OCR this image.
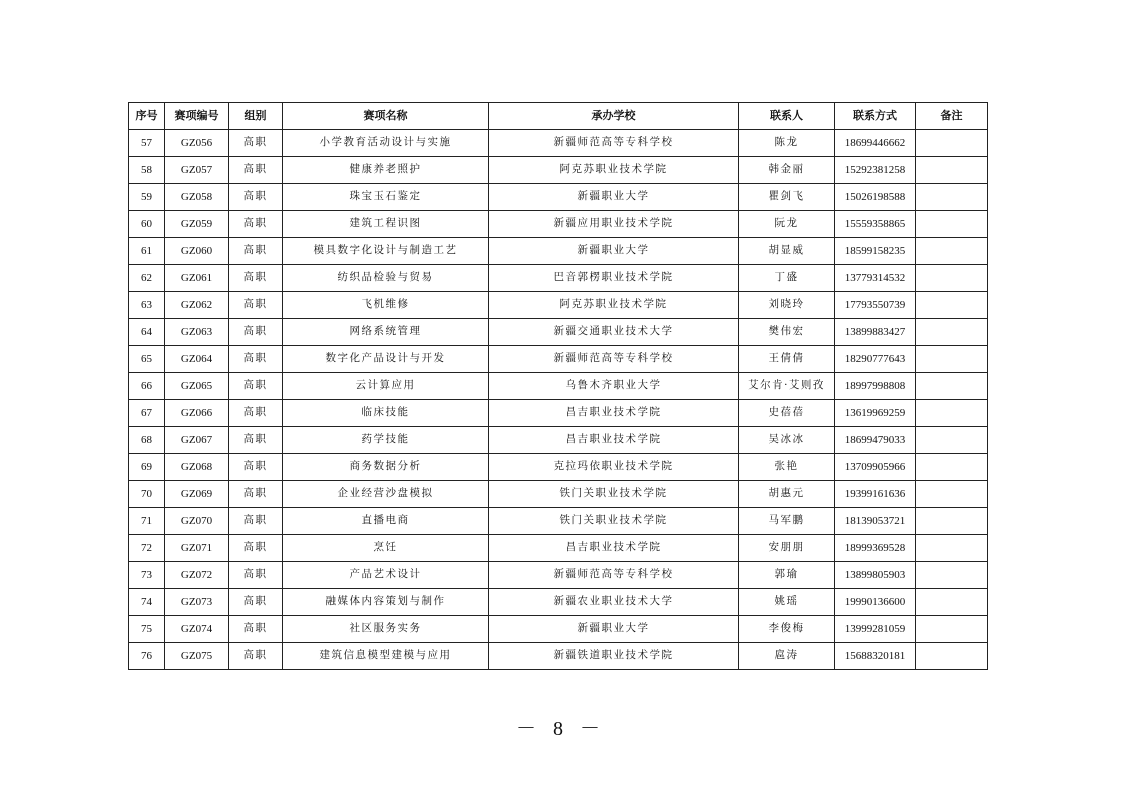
序号	赛项编号	组别	赛项名称	承办学校	联系人	联系方式	备注
57	GZ056	高职	小学教育活动设计与实施	新疆师范高等专科学校	陈龙	18699446662	
58	GZ057	高职	健康养老照护	阿克苏职业技术学院	韩金丽	15292381258	
59	GZ058	高职	珠宝玉石鉴定	新疆职业大学	瞿剑飞	15026198588	
60	GZ059	高职	建筑工程识图	新疆应用职业技术学院	阮龙	15559358865	
61	GZ060	高职	模具数字化设计与制造工艺	新疆职业大学	胡显威	18599158235	
62	GZ061	高职	纺织品检验与贸易	巴音郭楞职业技术学院	丁盛	13779314532	
63	GZ062	高职	飞机维修	阿克苏职业技术学院	刘晓玲	17793550739	
64	GZ063	高职	网络系统管理	新疆交通职业技术大学	樊伟宏	13899883427	
65	GZ064	高职	数字化产品设计与开发	新疆师范高等专科学校	王倩倩	18290777643	
66	GZ065	高职	云计算应用	乌鲁木齐职业大学	艾尔肯·艾则孜	18997998808	
67	GZ066	高职	临床技能	昌吉职业技术学院	史蓓蓓	13619969259	
68	GZ067	高职	药学技能	昌吉职业技术学院	吴冰冰	18699479033	
69	GZ068	高职	商务数据分析	克拉玛依职业技术学院	张艳	13709905966	
70	GZ069	高职	企业经营沙盘模拟	铁门关职业技术学院	胡惠元	19399161636	
71	GZ070	高职	直播电商	铁门关职业技术学院	马军鹏	18139053721	
72	GZ071	高职	烹饪	昌吉职业技术学院	安朋朋	18999369528	
73	GZ072	高职	产品艺术设计	新疆师范高等专科学校	郭瑜	13899805903	
74	GZ073	高职	融媒体内容策划与制作	新疆农业职业技术大学	姚瑶	19990136600	
75	GZ074	高职	社区服务实务	新疆职业大学	李俊梅	13999281059	
76	GZ075	高职	建筑信息模型建模与应用	新疆铁道职业技术学院	扈涛	15688320181	
－ 8 －
